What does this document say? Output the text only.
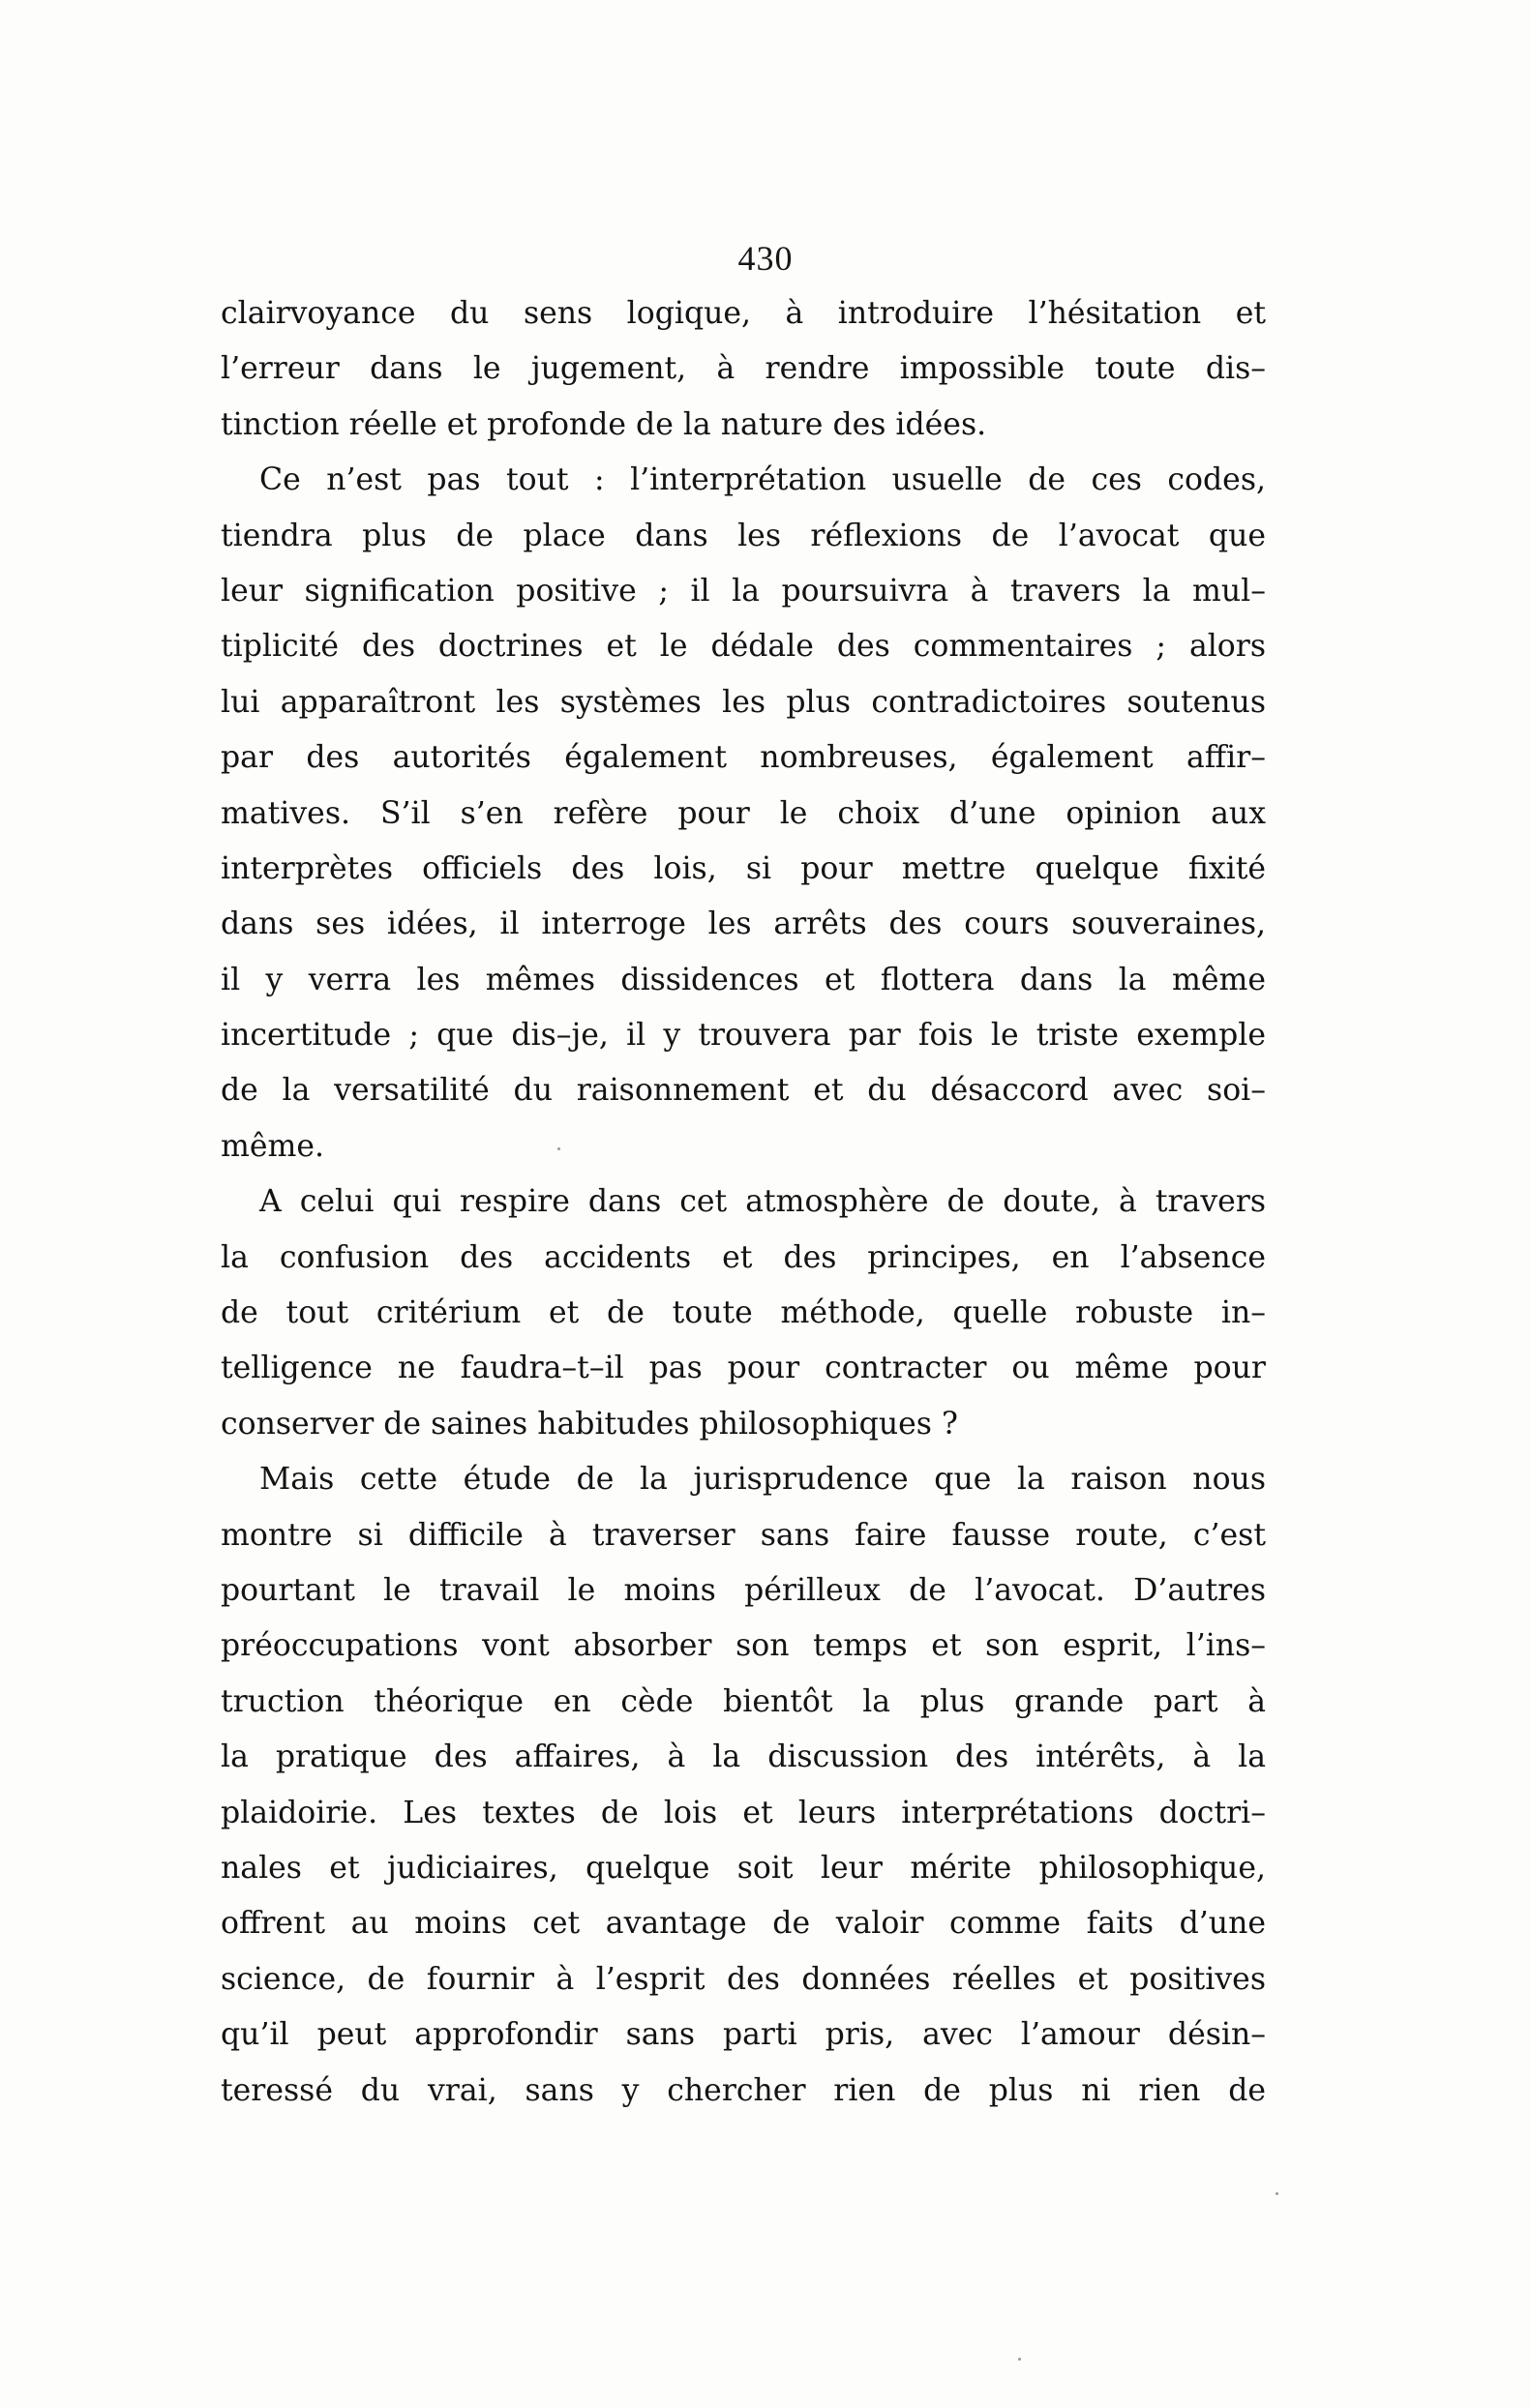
430
clairvoyance du sens logique, à introduire l’hésitation et
l’erreur dans le jugement, à rendre impossible toute dis–
tinction réelle et profonde de la nature des idées.
Ce n’est pas tout : l’interprétation usuelle de ces codes,
tiendra plus de place dans les réflexions de l’avocat que
leur signification positive ; il la poursuivra à travers la mul–
tiplicité des doctrines et le dédale des commentaires ; alors
lui apparaîtront les systèmes les plus contradictoires soutenus
par des autorités également nombreuses, également affir–
matives. S’il s’en refère pour le choix d’une opinion aux
interprètes officiels des lois, si pour mettre quelque fixité
dans ses idées, il interroge les arrêts des cours souveraines,
il y verra les mêmes dissidences et flottera dans la même
incertitude ; que dis–je, il y trouvera par fois le triste exemple
de la versatilité du raisonnement et du désaccord avec soi–
même.
A celui qui respire dans cet atmosphère de doute, à travers
la confusion des accidents et des principes, en l’absence
de tout critérium et de toute méthode, quelle robuste in–
telligence ne faudra–t–il pas pour contracter ou même pour
conserver de saines habitudes philosophiques ?
Mais cette étude de la jurisprudence que la raison nous
montre si difficile à traverser sans faire fausse route, c’est
pourtant le travail le moins périlleux de l’avocat. D’autres
préoccupations vont absorber son temps et son esprit, l’ins–
truction théorique en cède bientôt la plus grande part à
la pratique des affaires, à la discussion des intérêts, à la
plaidoirie. Les textes de lois et leurs interprétations doctri–
nales et judiciaires, quelque soit leur mérite philosophique,
offrent au moins cet avantage de valoir comme faits d’une
science, de fournir à l’esprit des données réelles et positives
qu’il peut approfondir sans parti pris, avec l’amour désin–
teressé du vrai, sans y chercher rien de plus ni rien de
